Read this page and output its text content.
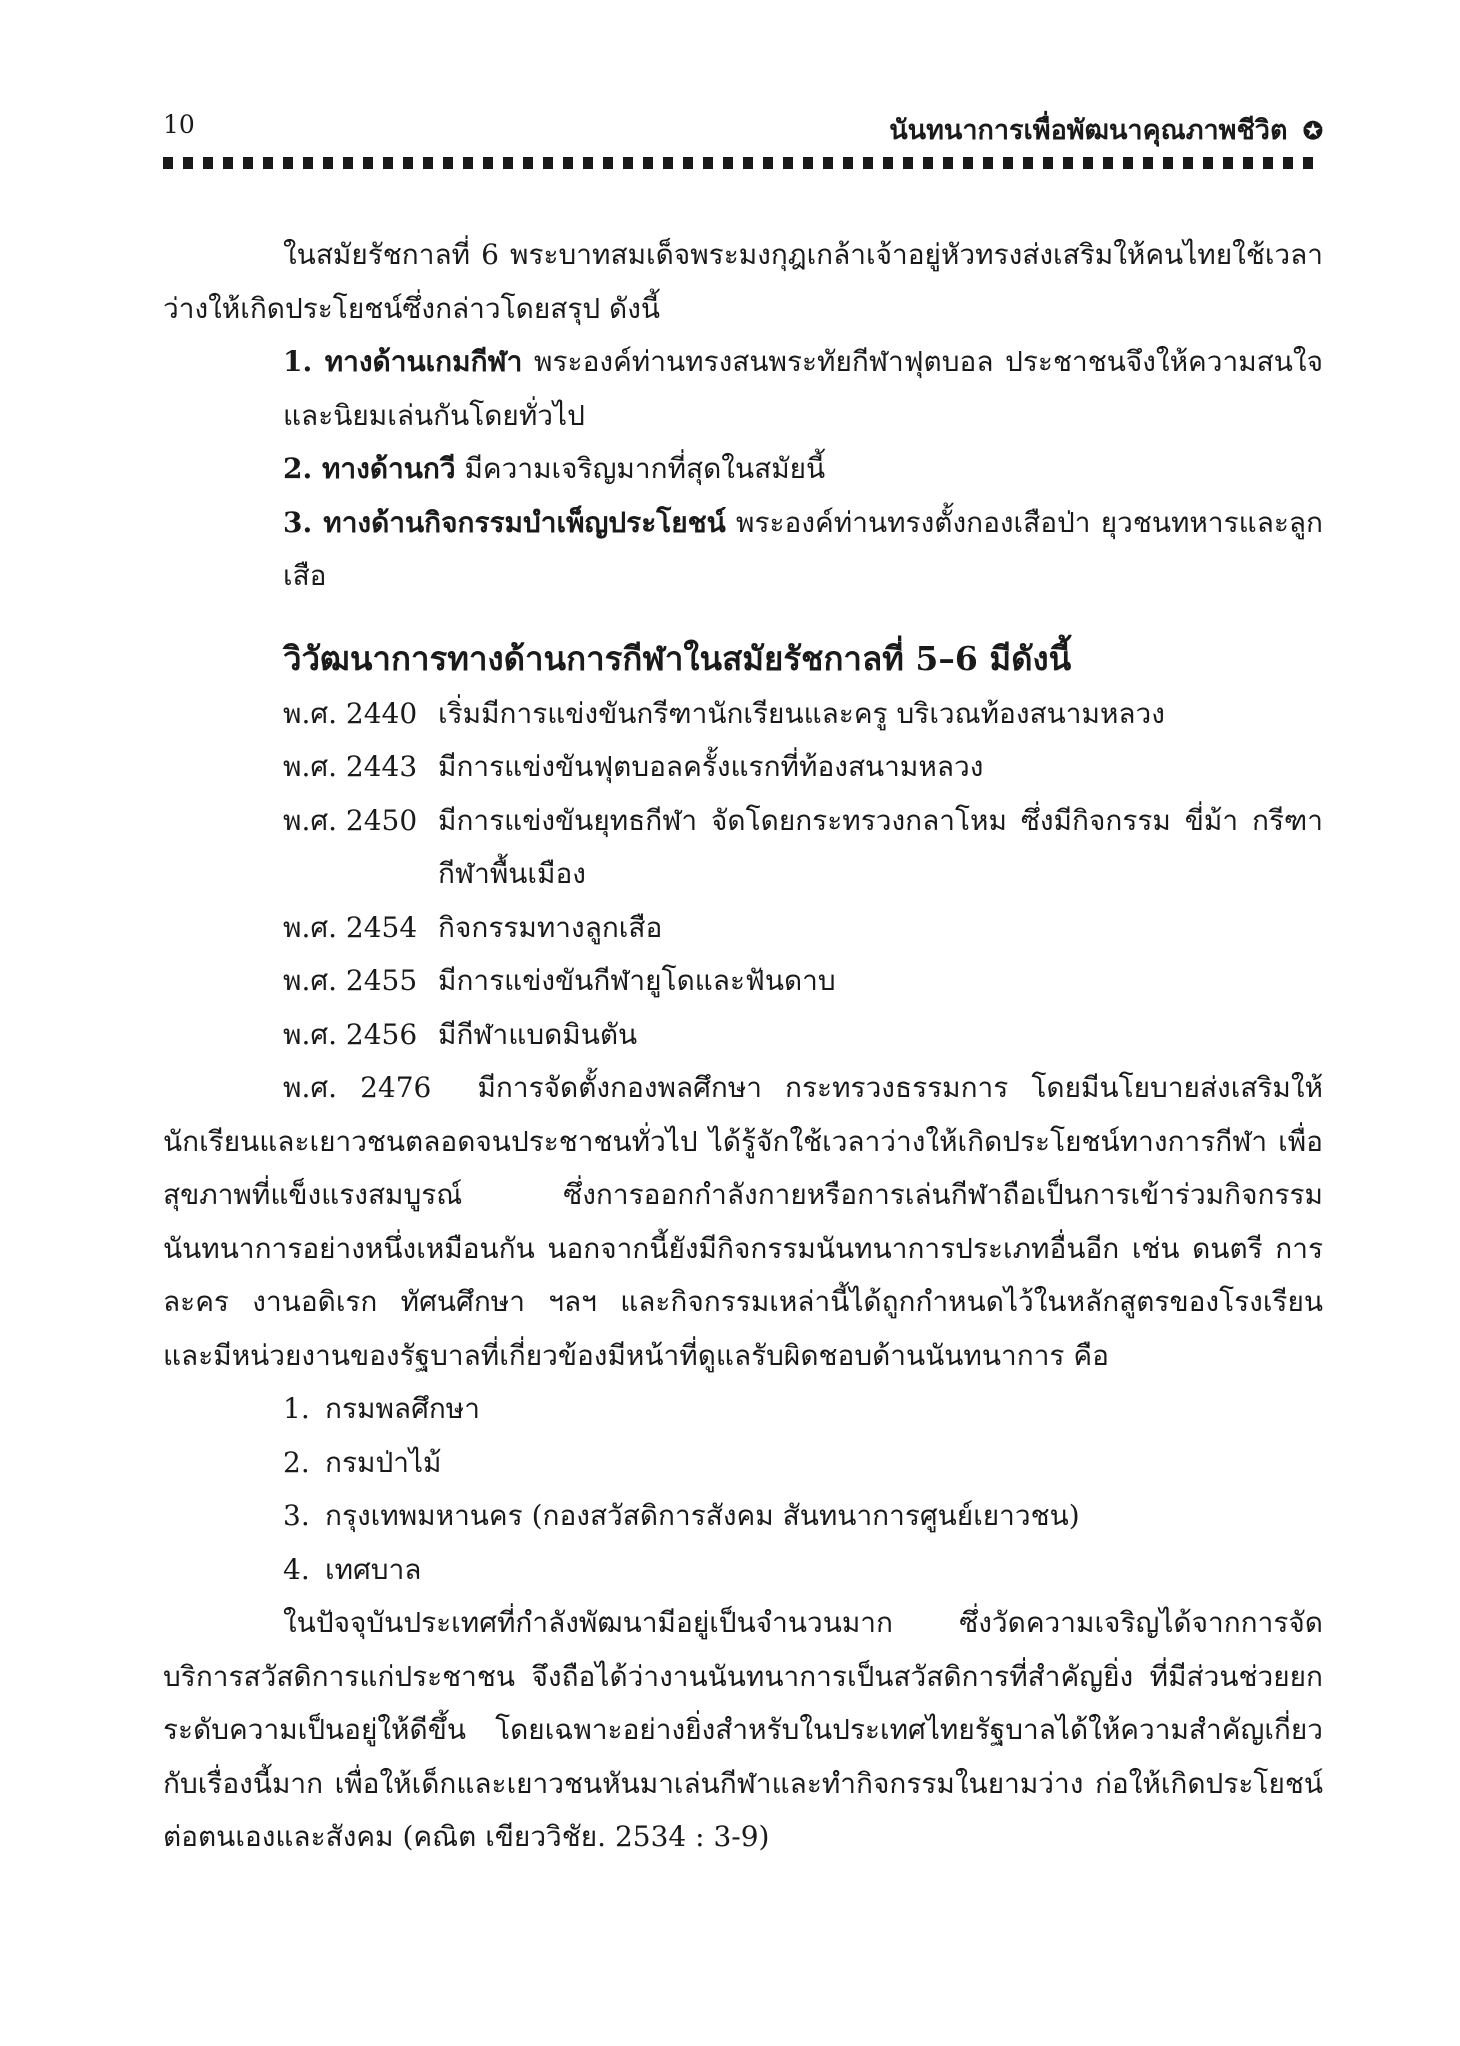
10	นันทนาการเพื่อพัฒนาคุณภาพชีวิต ✪

ในสมัยรัชกาลที่ 6 พระบาทสมเด็จพระมงกุฎเกล้าเจ้าอยู่หัวทรงส่งเสริมให้คนไทยใช้เวลาว่างให้เกิดประโยชน์ซึ่งกล่าวโดยสรุป ดังนี้

1. ทางด้านเกมกีฬา พระองค์ท่านทรงสนพระทัยกีฬาฟุตบอล ประชาชนจึงให้ความสนใจและนิยมเล่นกันโดยทั่วไป

2. ทางด้านกวี มีความเจริญมากที่สุดในสมัยนี้

3. ทางด้านกิจกรรมบำเพ็ญประโยชน์ พระองค์ท่านทรงตั้งกองเสือป่า ยุวชนทหารและลูกเสือ

วิวัฒนาการทางด้านการกีฬาในสมัยรัชกาลที่ 5–6 มีดังนี้

พ.ศ. 2440 เริ่มมีการแข่งขันกรีฑานักเรียนและครู บริเวณท้องสนามหลวง
พ.ศ. 2443 มีการแข่งขันฟุตบอลครั้งแรกที่ท้องสนามหลวง
พ.ศ. 2450 มีการแข่งขันยุทธกีฬา จัดโดยกระทรวงกลาโหม ซึ่งมีกิจกรรม ขี่ม้า กรีฑา กีฬาพื้นเมือง
พ.ศ. 2454 กิจกรรมทางลูกเสือ
พ.ศ. 2455 มีการแข่งขันกีฬายูโดและฟันดาบ
พ.ศ. 2456 มีกีฬาแบดมินตัน

พ.ศ. 2476 มีการจัดตั้งกองพลศึกษา กระทรวงธรรมการ โดยมีนโยบายส่งเสริมให้นักเรียนและเยาวชนตลอดจนประชาชนทั่วไป ได้รู้จักใช้เวลาว่างให้เกิดประโยชน์ทางการกีฬา เพื่อสุขภาพที่แข็งแรงสมบูรณ์ ซึ่งการออกกำลังกายหรือการเล่นกีฬาถือเป็นการเข้าร่วมกิจกรรมนันทนาการอย่างหนึ่งเหมือนกัน นอกจากนี้ยังมีกิจกรรมนันทนาการประเภทอื่นอีก เช่น ดนตรี การละคร งานอดิเรก ทัศนศึกษา ฯลฯ และกิจกรรมเหล่านี้ได้ถูกกำหนดไว้ในหลักสูตรของโรงเรียน และมีหน่วยงานของรัฐบาลที่เกี่ยวข้องมีหน้าที่ดูแลรับผิดชอบด้านนันทนาการ คือ

1. กรมพลศึกษา
2. กรมป่าไม้
3. กรุงเทพมหานคร (กองสวัสดิการสังคม สันทนาการศูนย์เยาวชน)
4. เทศบาล

ในปัจจุบันประเทศที่กำลังพัฒนามีอยู่เป็นจำนวนมาก ซึ่งวัดความเจริญได้จากการจัดบริการสวัสดิการแก่ประชาชน จึงถือได้ว่างานนันทนาการเป็นสวัสดิการที่สำคัญยิ่ง ที่มีส่วนช่วยยกระดับความเป็นอยู่ให้ดีขึ้น โดยเฉพาะอย่างยิ่งสำหรับในประเทศไทยรัฐบาลได้ให้ความสำคัญเกี่ยวกับเรื่องนี้มาก เพื่อให้เด็กและเยาวชนหันมาเล่นกีฬาและทำกิจกรรมในยามว่าง ก่อให้เกิดประโยชน์ต่อตนเองและสังคม (คณิต เขียววิชัย. 2534 : 3-9)
